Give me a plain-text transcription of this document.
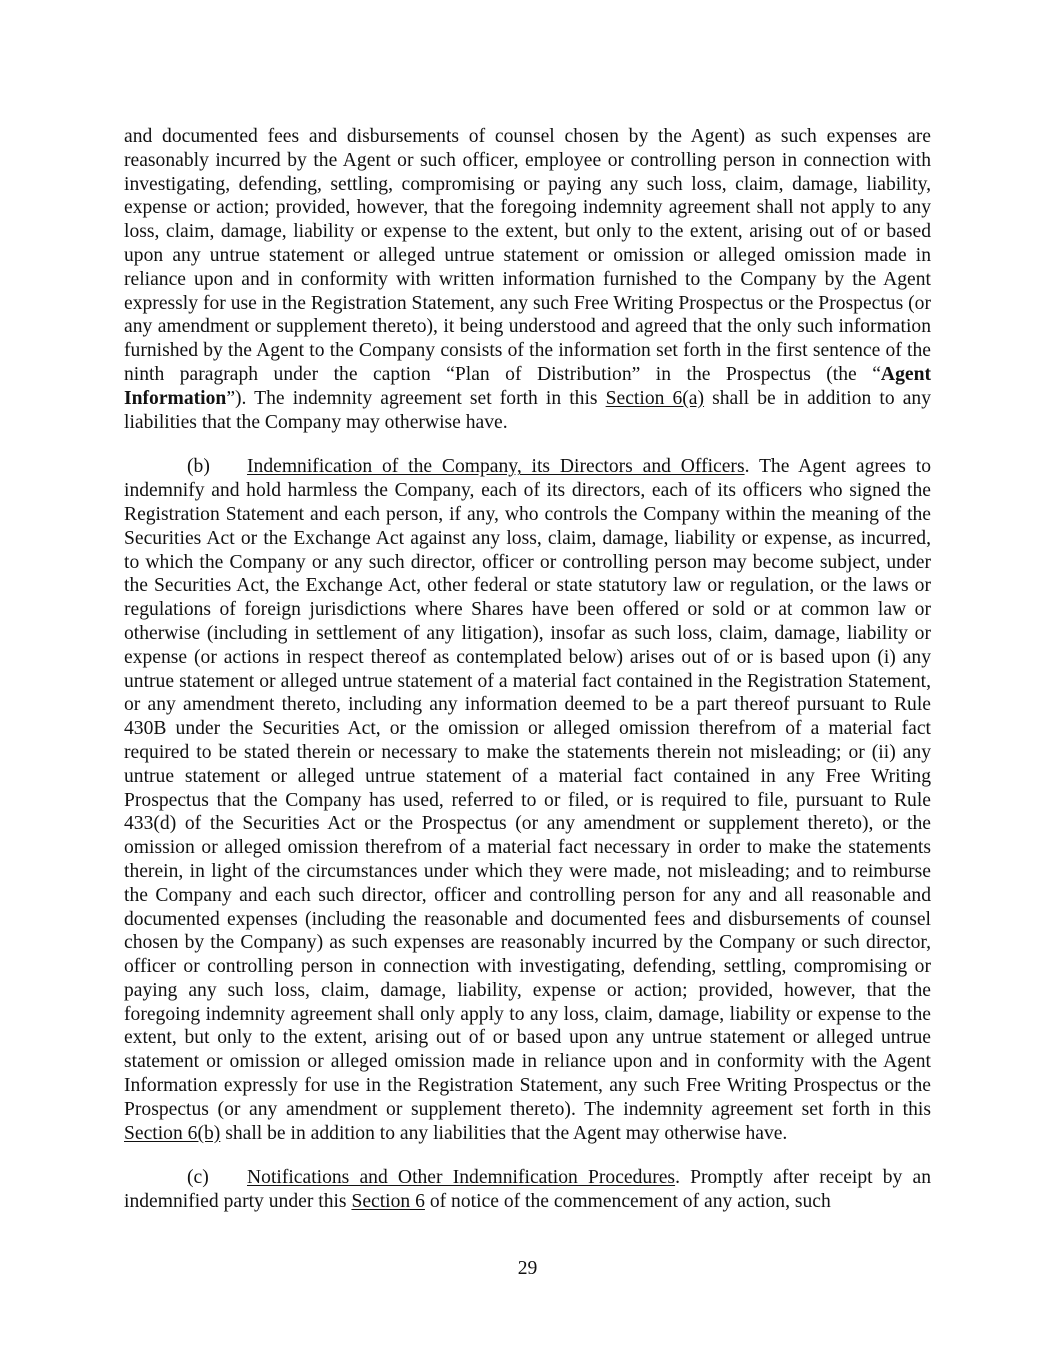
and documented fees and disbursements of counsel chosen by the Agent) as such expenses are reasonably incurred by the Agent or such officer, employee or controlling person in connection with investigating, defending, settling, compromising or paying any such loss, claim, damage, liability, expense or action; provided, however, that the foregoing indemnity agreement shall not apply to any loss, claim, damage, liability or expense to the extent, but only to the extent, arising out of or based upon any untrue statement or alleged untrue statement or omission or alleged omission made in reliance upon and in conformity with written information furnished to the Company by the Agent expressly for use in the Registration Statement, any such Free Writing Prospectus or the Prospectus (or any amendment or supplement thereto), it being understood and agreed that the only such information furnished by the Agent to the Company consists of the information set forth in the first sentence of the ninth paragraph under the caption “Plan of Distribution” in the Prospectus (the “Agent Information”). The indemnity agreement set forth in this Section 6(a) shall be in addition to any liabilities that the Company may otherwise have.

(b) Indemnification of the Company, its Directors and Officers. The Agent agrees to indemnify and hold harmless the Company, each of its directors, each of its officers who signed the Registration Statement and each person, if any, who controls the Company within the meaning of the Securities Act or the Exchange Act against any loss, claim, damage, liability or expense, as incurred, to which the Company or any such director, officer or controlling person may become subject, under the Securities Act, the Exchange Act, other federal or state statutory law or regulation, or the laws or regulations of foreign jurisdictions where Shares have been offered or sold or at common law or otherwise (including in settlement of any litigation), insofar as such loss, claim, damage, liability or expense (or actions in respect thereof as contemplated below) arises out of or is based upon (i) any untrue statement or alleged untrue statement of a material fact contained in the Registration Statement, or any amendment thereto, including any information deemed to be a part thereof pursuant to Rule 430B under the Securities Act, or the omission or alleged omission therefrom of a material fact required to be stated therein or necessary to make the statements therein not misleading; or (ii) any untrue statement or alleged untrue statement of a material fact contained in any Free Writing Prospectus that the Company has used, referred to or filed, or is required to file, pursuant to Rule 433(d) of the Securities Act or the Prospectus (or any amendment or supplement thereto), or the omission or alleged omission therefrom of a material fact necessary in order to make the statements therein, in light of the circumstances under which they were made, not misleading; and to reimburse the Company and each such director, officer and controlling person for any and all reasonable and documented expenses (including the reasonable and documented fees and disbursements of counsel chosen by the Company) as such expenses are reasonably incurred by the Company or such director, officer or controlling person in connection with investigating, defending, settling, compromising or paying any such loss, claim, damage, liability, expense or action; provided, however, that the foregoing indemnity agreement shall only apply to any loss, claim, damage, liability or expense to the extent, but only to the extent, arising out of or based upon any untrue statement or alleged untrue statement or omission or alleged omission made in reliance upon and in conformity with the Agent Information expressly for use in the Registration Statement, any such Free Writing Prospectus or the Prospectus (or any amendment or supplement thereto). The indemnity agreement set forth in this Section 6(b) shall be in addition to any liabilities that the Agent may otherwise have.

(c) Notifications and Other Indemnification Procedures. Promptly after receipt by an indemnified party under this Section 6 of notice of the commencement of any action, such

29
